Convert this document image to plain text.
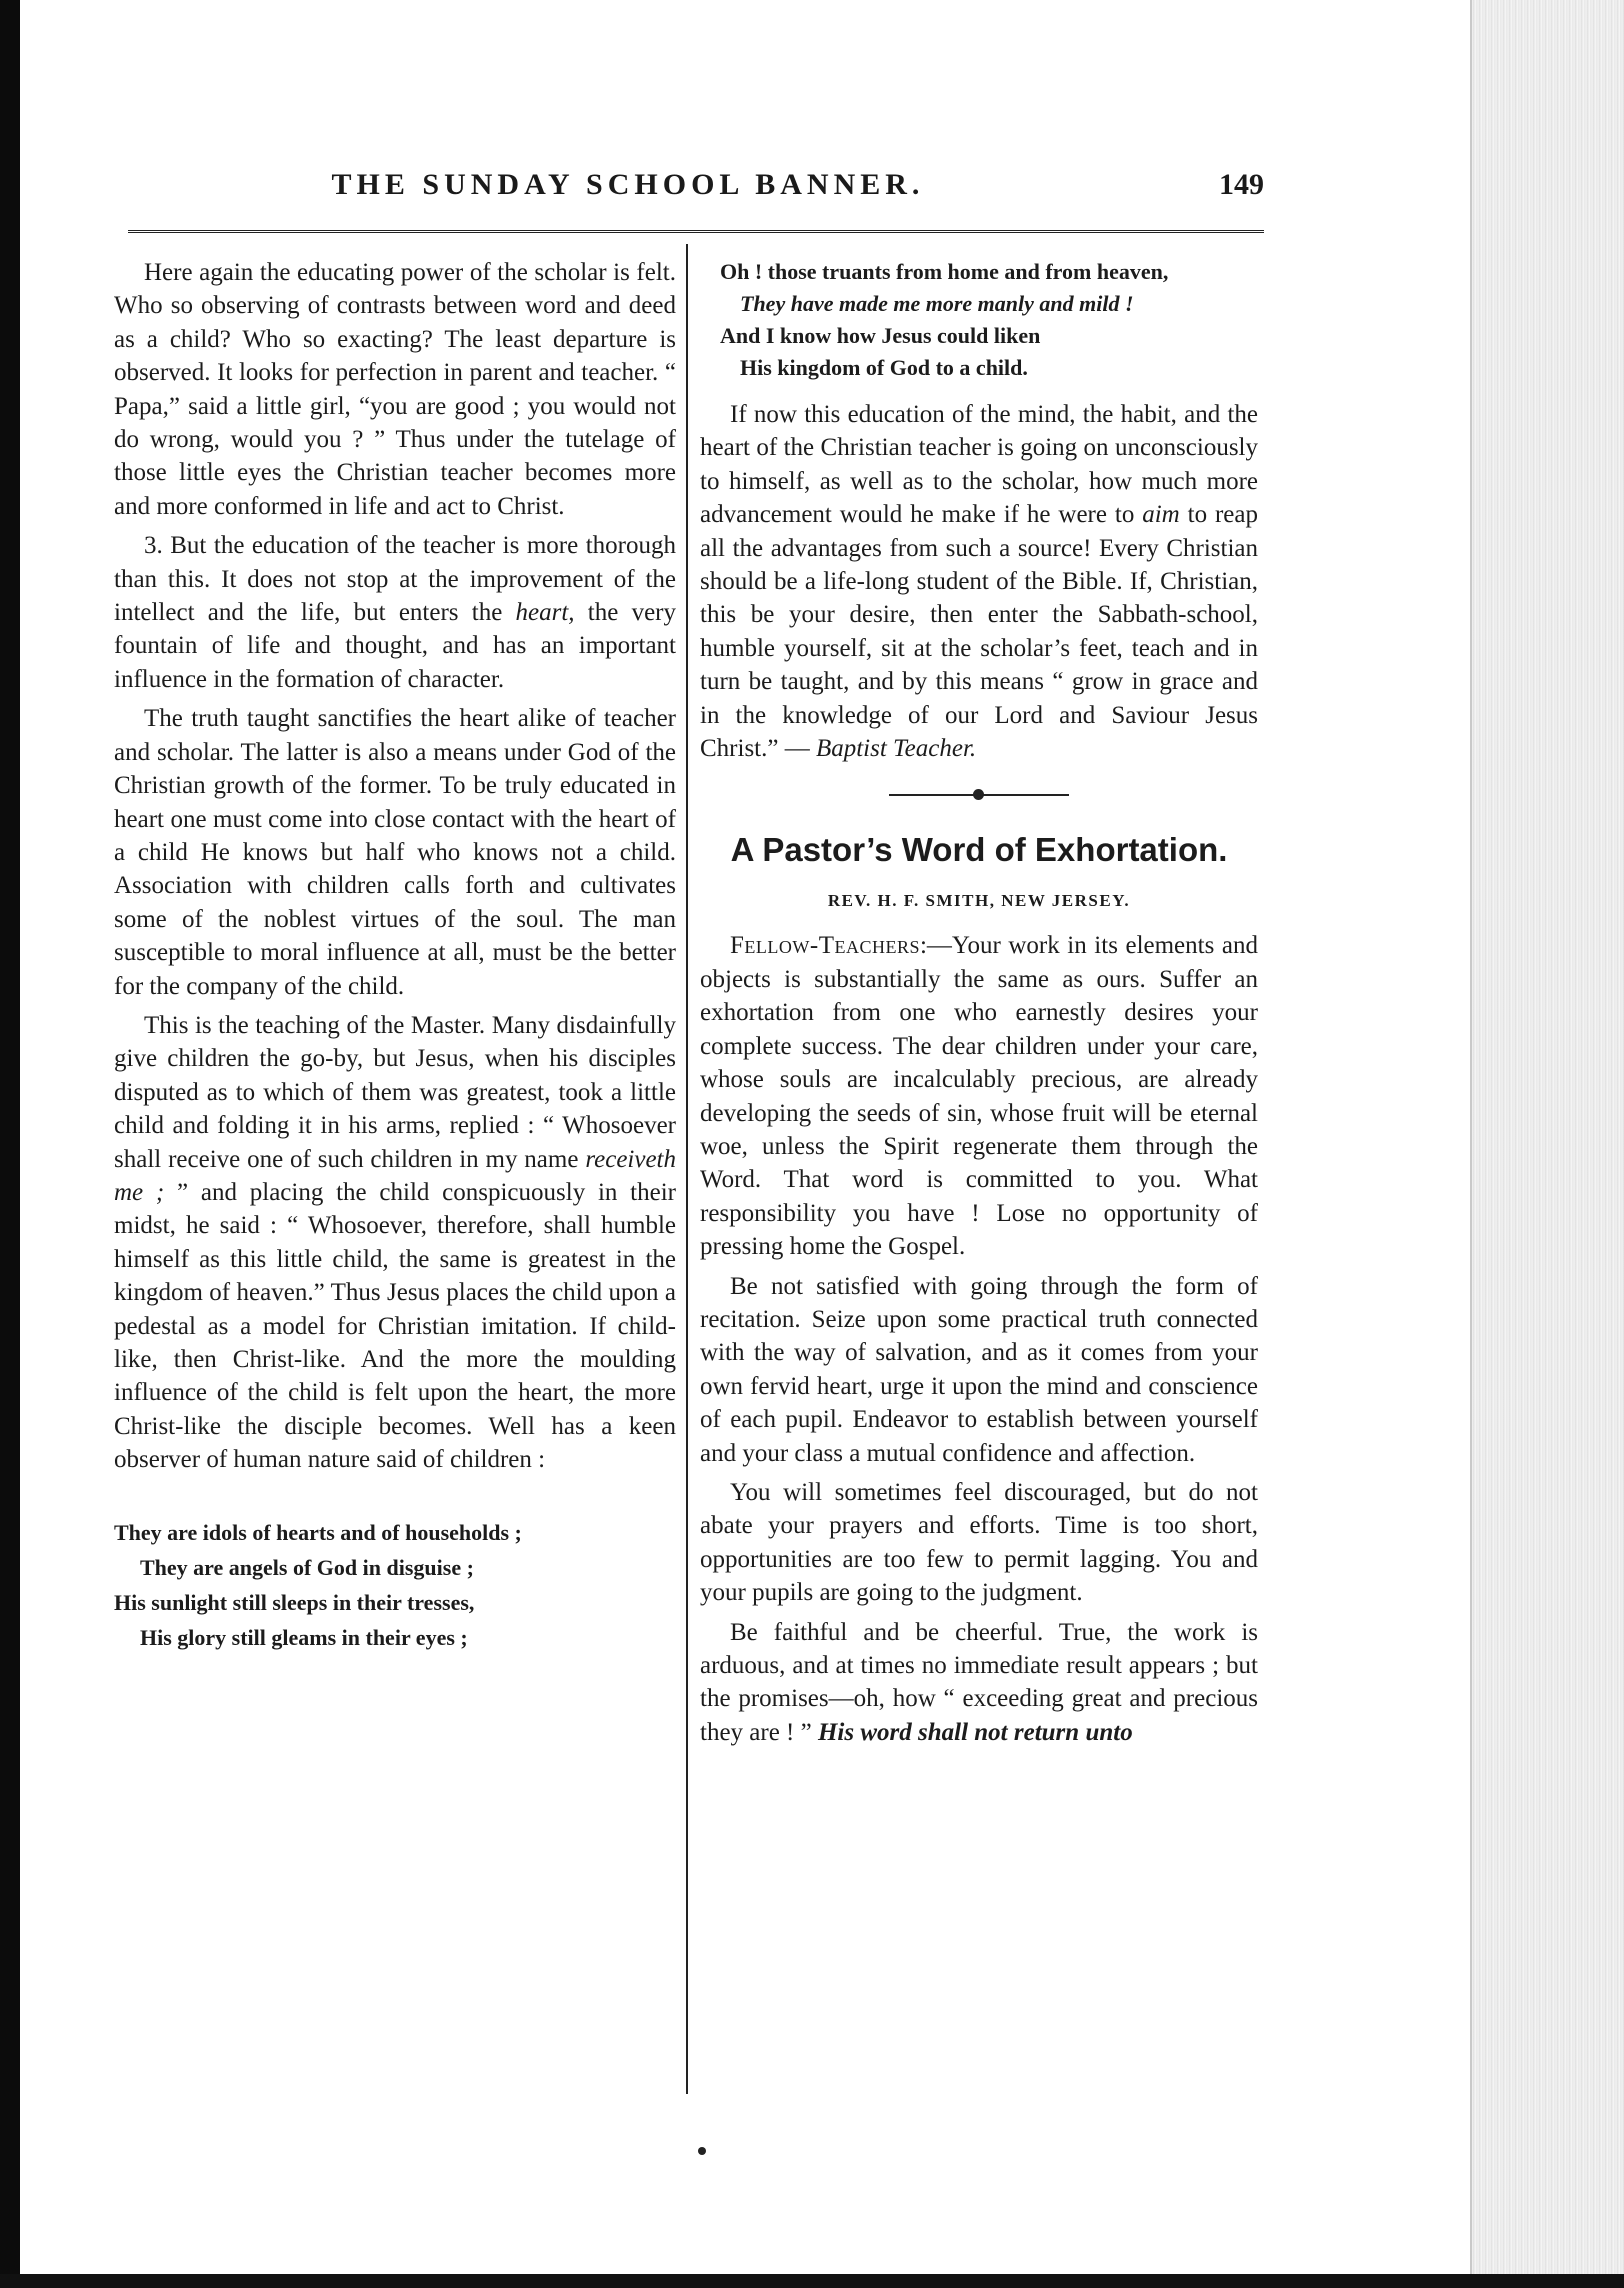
THE SUNDAY SCHOOL BANNER.	149

Here again the educating power of the scholar is felt. Who so observing of contrasts between word and deed as a child? Who so exacting? The least departure is observed. It looks for perfection in parent and teacher. “ Papa,” said a little girl, “you are good ; you would not do wrong, would you ? ” Thus under the tutelage of those little eyes the Christian teacher becomes more and more conformed in life and act to Christ.

3. But the education of the teacher is more thorough than this. It does not stop at the improvement of the intellect and the life, but enters the heart, the very fountain of life and thought, and has an important influence in the formation of character.

The truth taught sanctifies the heart alike of teacher and scholar. The latter is also a means under God of the Christian growth of the former. To be truly educated in heart one must come into close contact with the heart of a child He knows but half who knows not a child. Association with children calls forth and cultivates some of the noblest virtues of the soul. The man susceptible to moral influence at all, must be the better for the company of the child.

This is the teaching of the Master. Many disdainfully give children the go-by, but Jesus, when his disciples disputed as to which of them was greatest, took a little child and folding it in his arms, replied : “ Whosoever shall receive one of such children in my name receiveth me ; ” and placing the child conspicuously in their midst, he said : “ Whosoever, therefore, shall humble himself as this little child, the same is greatest in the kingdom of heaven.” Thus Jesus places the child upon a pedestal as a model for Christian imitation. If child-like, then Christ-like. And the more the moulding influence of the child is felt upon the heart, the more Christ-like the disciple becomes. Well has a keen observer of human nature said of children :

They are idols of hearts and of households ;
They are angels of God in disguise ;
His sunlight still sleeps in their tresses,
His glory still gleams in their eyes ;
Oh ! those truants from home and from heaven,
They have made me more manly and mild !
And I know how Jesus could liken
His kingdom of God to a child.

If now this education of the mind, the habit, and the heart of the Christian teacher is going on unconsciously to himself, as well as to the scholar, how much more advancement would he make if he were to aim to reap all the advantages from such a source! Every Christian should be a life-long student of the Bible. If, Christian, this be your desire, then enter the Sabbath-school, humble yourself, sit at the scholar’s feet, teach and in turn be taught, and by this means “ grow in grace and in the knowledge of our Lord and Saviour Jesus Christ.” — Baptist Teacher.

A Pastor’s Word of Exhortation.
REV. H. F. SMITH, NEW JERSEY.

Fellow-Teachers:—Your work in its elements and objects is substantially the same as ours. Suffer an exhortation from one who earnestly desires your complete success. The dear children under your care, whose souls are incalculably precious, are already developing the seeds of sin, whose fruit will be eternal woe, unless the Spirit regenerate them through the Word. That word is committed to you. What responsibility you have ! Lose no opportunity of pressing home the Gospel.

Be not satisfied with going through the form of recitation. Seize upon some practical truth connected with the way of salvation, and as it comes from your own fervid heart, urge it upon the mind and conscience of each pupil. Endeavor to establish between yourself and your class a mutual confidence and affection.

You will sometimes feel discouraged, but do not abate your prayers and efforts. Time is too short, opportunities are too few to permit lagging. You and your pupils are going to the judgment.

Be faithful and be cheerful. True, the work is arduous, and at times no immediate result appears ; but the promises—oh, how “ exceeding great and precious they are ! ” His word shall not return unto
